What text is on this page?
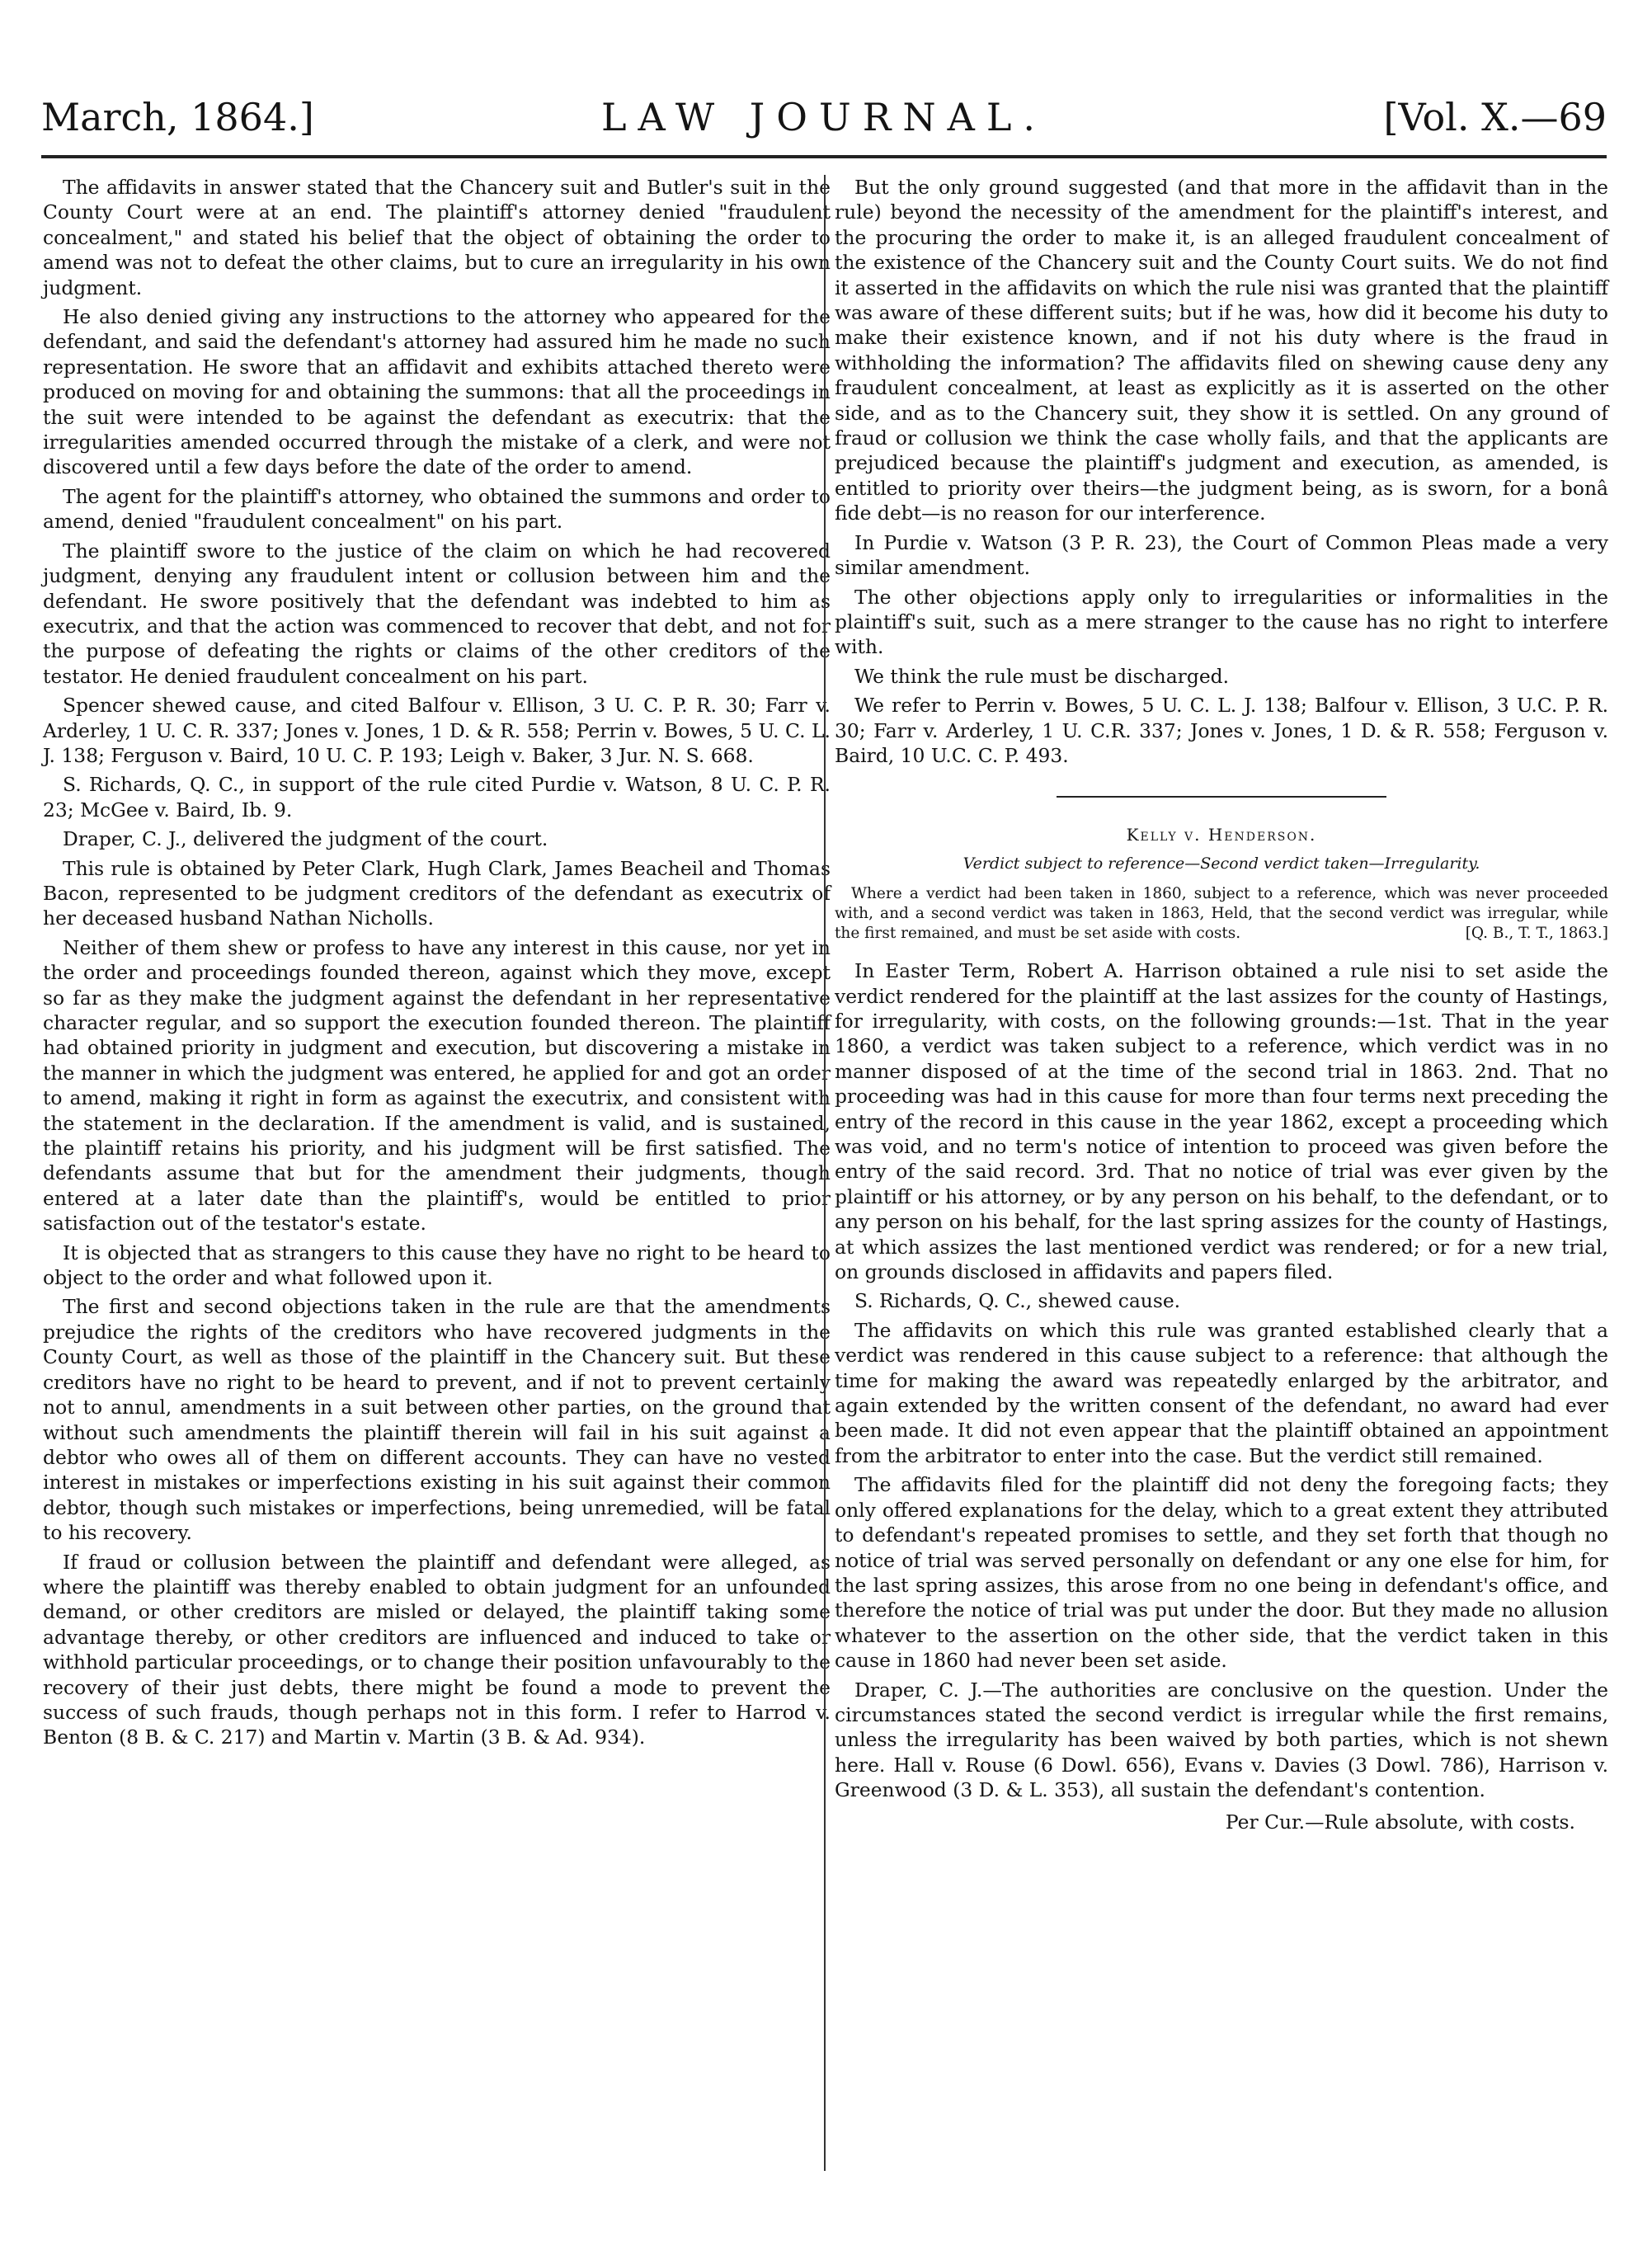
March, 1864.]	LAW JOURNAL.	[Vol. X.—69

The affidavits in answer stated that the Chancery suit and Butler's suit in the County Court were at an end. The plaintiff's attorney denied "fraudulent concealment," and stated his belief that the object of obtaining the order to amend was not to defeat the other claims, but to cure an irregularity in his own judgment.

He also denied giving any instructions to the attorney who appeared for the defendant, and said the defendant's attorney had assured him he made no such representation. He swore that an affidavit and exhibits attached thereto were produced on moving for and obtaining the summons: that all the proceedings in the suit were intended to be against the defendant as executrix: that the irregularities amended occurred through the mistake of a clerk, and were not discovered until a few days before the date of the order to amend.

The agent for the plaintiff's attorney, who obtained the summons and order to amend, denied "fraudulent concealment" on his part.

The plaintiff swore to the justice of the claim on which he had recovered judgment, denying any fraudulent intent or collusion between him and the defendant. He swore positively that the defendant was indebted to him as executrix, and that the action was commenced to recover that debt, and not for the purpose of defeating the rights or claims of the other creditors of the testator. He denied fraudulent concealment on his part.

Spencer shewed cause, and cited Balfour v. Ellison, 3 U. C. P. R. 30; Farr v. Arderley, 1 U. C. R. 337; Jones v. Jones, 1 D. & R. 558; Perrin v. Bowes, 5 U. C. L. J. 138; Ferguson v. Baird, 10 U. C. P. 193; Leigh v. Baker, 3 Jur. N. S. 668.

S. Richards, Q. C., in support of the rule cited Purdie v. Watson, 8 U. C. P. R. 23; McGee v. Baird, Ib. 9.

Draper, C. J., delivered the judgment of the court.

This rule is obtained by Peter Clark, Hugh Clark, James Beacheil and Thomas Bacon, represented to be judgment creditors of the defendant as executrix of her deceased husband Nathan Nicholls.

Neither of them shew or profess to have any interest in this cause, nor yet in the order and proceedings founded thereon, against which they move, except so far as they make the judgment against the defendant in her representative character regular, and so support the execution founded thereon. The plaintiff had obtained priority in judgment and execution, but discovering a mistake in the manner in which the judgment was entered, he applied for and got an order to amend, making it right in form as against the executrix, and consistent with the statement in the declaration. If the amendment is valid, and is sustained, the plaintiff retains his priority, and his judgment will be first satisfied. The defendants assume that but for the amendment their judgments, though entered at a later date than the plaintiff's, would be entitled to prior satisfaction out of the testator's estate.

It is objected that as strangers to this cause they have no right to be heard to object to the order and what followed upon it.

The first and second objections taken in the rule are that the amendments prejudice the rights of the creditors who have recovered judgments in the County Court, as well as those of the plaintiff in the Chancery suit. But these creditors have no right to be heard to prevent, and if not to prevent certainly not to annul, amendments in a suit between other parties, on the ground that without such amendments the plaintiff therein will fail in his suit against a debtor who owes all of them on different accounts. They can have no vested interest in mistakes or imperfections existing in his suit against their common debtor, though such mistakes or imperfections, being unremedied, will be fatal to his recovery.

If fraud or collusion between the plaintiff and defendant were alleged, as where the plaintiff was thereby enabled to obtain judgment for an unfounded demand, or other creditors are misled or delayed, the plaintiff taking some advantage thereby, or other creditors are influenced and induced to take or withhold particular proceedings, or to change their position unfavourably to the recovery of their just debts, there might be found a mode to prevent the success of such frauds, though perhaps not in this form. I refer to Harrod v. Benton (8 B. & C. 217) and Martin v. Martin (3 B. & Ad. 934).

But the only ground suggested (and that more in the affidavit than in the rule) beyond the necessity of the amendment for the plaintiff's interest, and the procuring the order to make it, is an alleged fraudulent concealment of the existence of the Chancery suit and the County Court suits. We do not find it asserted in the affidavits on which the rule nisi was granted that the plaintiff was aware of these different suits; but if he was, how did it become his duty to make their existence known, and if not his duty where is the fraud in withholding the information? The affidavits filed on shewing cause deny any fraudulent concealment, at least as explicitly as it is asserted on the other side, and as to the Chancery suit, they show it is settled. On any ground of fraud or collusion we think the case wholly fails, and that the applicants are prejudiced because the plaintiff's judgment and execution, as amended, is entitled to priority over theirs—the judgment being, as is sworn, for a bonâ fide debt—is no reason for our interference.

In Purdie v. Watson (3 P. R. 23), the Court of Common Pleas made a very similar amendment.

The other objections apply only to irregularities or informalities in the plaintiff's suit, such as a mere stranger to the cause has no right to interfere with.

We think the rule must be discharged.

We refer to Perrin v. Bowes, 5 U. C. L. J. 138; Balfour v. Ellison, 3 U.C. P. R. 30; Farr v. Arderley, 1 U. C.R. 337; Jones v. Jones, 1 D. & R. 558; Ferguson v. Baird, 10 U.C. C. P. 493.

Kelly v. Henderson.

Verdict subject to reference—Second verdict taken—Irregularity.

Where a verdict had been taken in 1860, subject to a reference, which was never proceeded with, and a second verdict was taken in 1863, Held, that the second verdict was irregular, while the first remained, and must be set aside with costs.	[Q. B., T. T., 1863.]

In Easter Term, Robert A. Harrison obtained a rule nisi to set aside the verdict rendered for the plaintiff at the last assizes for the county of Hastings, for irregularity, with costs, on the following grounds:—1st. That in the year 1860, a verdict was taken subject to a reference, which verdict was in no manner disposed of at the time of the second trial in 1863. 2nd. That no proceeding was had in this cause for more than four terms next preceding the entry of the record in this cause in the year 1862, except a proceeding which was void, and no term's notice of intention to proceed was given before the entry of the said record. 3rd. That no notice of trial was ever given by the plaintiff or his attorney, or by any person on his behalf, to the defendant, or to any person on his behalf, for the last spring assizes for the county of Hastings, at which assizes the last mentioned verdict was rendered; or for a new trial, on grounds disclosed in affidavits and papers filed.

S. Richards, Q. C., shewed cause.

The affidavits on which this rule was granted established clearly that a verdict was rendered in this cause subject to a reference: that although the time for making the award was repeatedly enlarged by the arbitrator, and again extended by the written consent of the defendant, no award had ever been made. It did not even appear that the plaintiff obtained an appointment from the arbitrator to enter into the case. But the verdict still remained.

The affidavits filed for the plaintiff did not deny the foregoing facts; they only offered explanations for the delay, which to a great extent they attributed to defendant's repeated promises to settle, and they set forth that though no notice of trial was served personally on defendant or any one else for him, for the last spring assizes, this arose from no one being in defendant's office, and therefore the notice of trial was put under the door. But they made no allusion whatever to the assertion on the other side, that the verdict taken in this cause in 1860 had never been set aside.

Draper, C. J.—The authorities are conclusive on the question. Under the circumstances stated the second verdict is irregular while the first remains, unless the irregularity has been waived by both parties, which is not shewn here. Hall v. Rouse (6 Dowl. 656), Evans v. Davies (3 Dowl. 786), Harrison v. Greenwood (3 D. & L. 353), all sustain the defendant's contention.

Per Cur.—Rule absolute, with costs.
